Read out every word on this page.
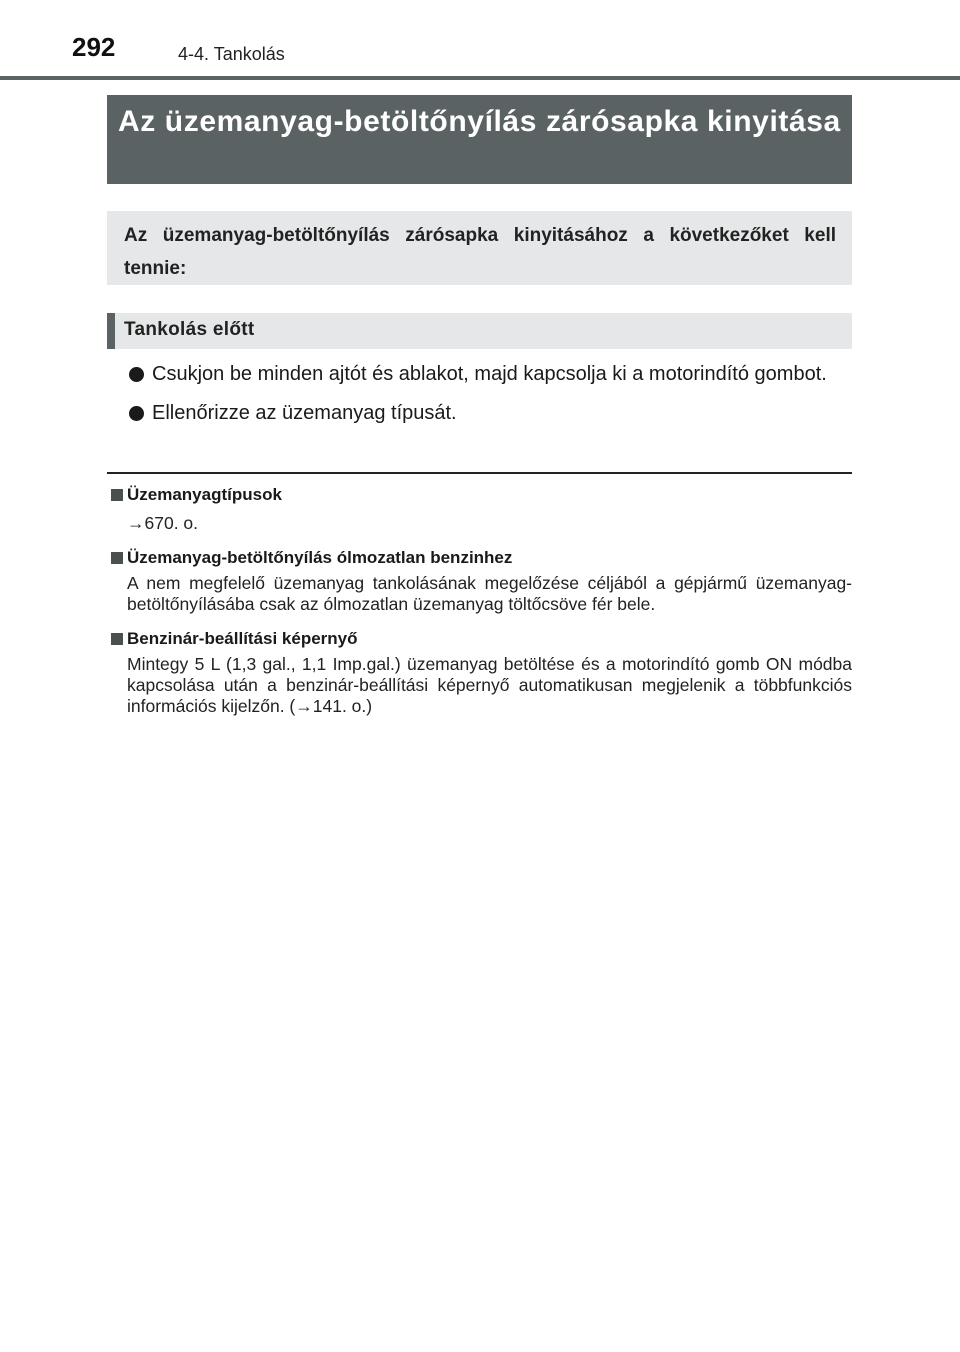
292	4-4. Tankolás
Az üzemanyag-betöltőnyílás zárósapka kinyitása

Az üzemanyag-betöltőnyílás zárósapka kinyitásához a következőket kell tennie:

Tankolás előtt
Csukjon be minden ajtót és ablakot, majd kapcsolja ki a motorindító gombot.
Ellenőrizze az üzemanyag típusát.
Üzemanyagtípusok
→670. o.
Üzemanyag-betöltőnyílás ólmozatlan benzinhez
A nem megfelelő üzemanyag tankolásának megelőzése céljából a gépjármű üzemanyag-betöltőnyílásába csak az ólmozatlan üzemanyag töltőcsöve fér bele.
Benzinár-beállítási képernyő
Mintegy 5 L (1,3 gal., 1,1 Imp.gal.) üzemanyag betöltése és a motorindító gomb ON módba kapcsolása után a benzinár-beállítási képernyő automatikusan megjelenik a többfunkciós információs kijelzőn. (→141. o.)
